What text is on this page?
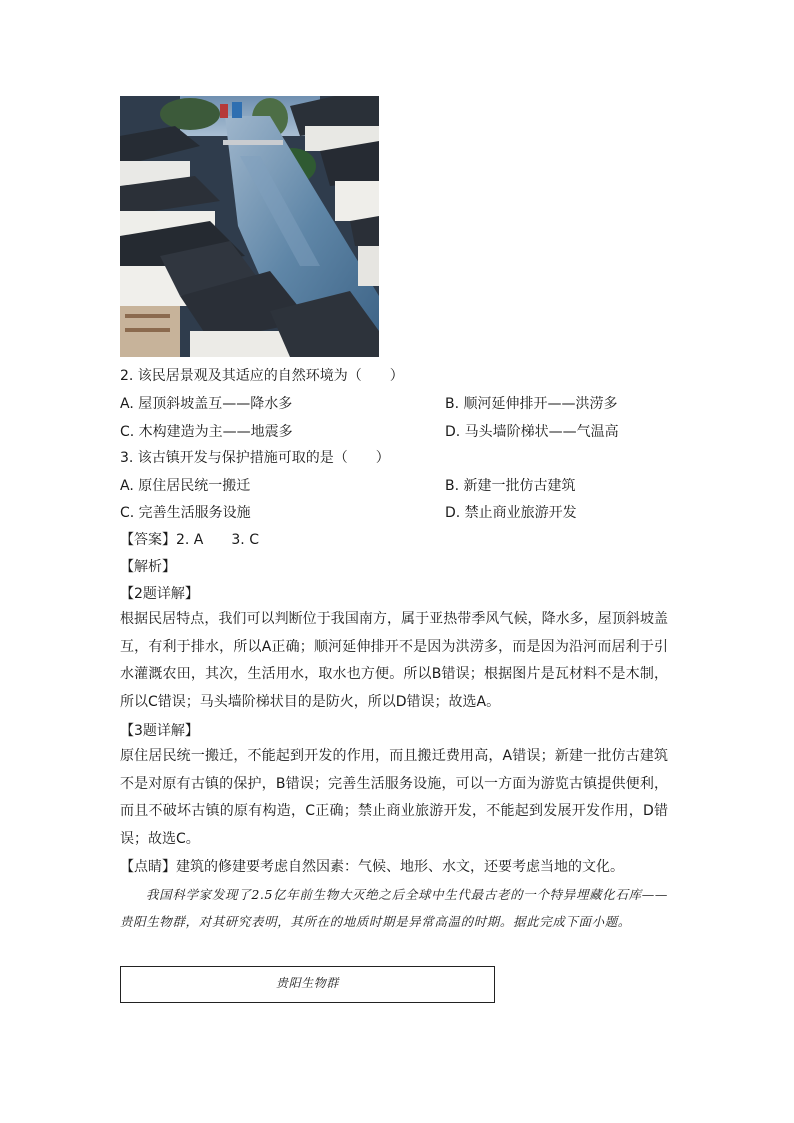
2. 该民居景观及其适应的自然环境为（　　）
A. 屋顶斜坡盖互——降水多	B. 顺河延伸排开——洪涝多
C. 木构建造为主——地震多	D. 马头墙阶梯状——气温高
3. 该古镇开发与保护措施可取的是（　　）
A. 原住居民统一搬迁	B. 新建一批仿古建筑
C. 完善生活服务设施	D. 禁止商业旅游开发
【答案】2. A　　3. C
【解析】
【2题详解】
根据民居特点，我们可以判断位于我国南方，属于亚热带季风气候，降水多，屋顶斜坡盖互，有利于排水，所以A正确；顺河延伸排开不是因为洪涝多，而是因为沿河而居利于引水灌溉农田，其次，生活用水，取水也方便。所以B错误；根据图片是瓦材料不是木制，所以C错误；马头墙阶梯状目的是防火，所以D错误；故选A。
【3题详解】
原住居民统一搬迁，不能起到开发的作用，而且搬迁费用高，A错误；新建一批仿古建筑不是对原有古镇的保护，B错误；完善生活服务设施，可以一方面为游览古镇提供便利，而且不破坏古镇的原有构造，C正确；禁止商业旅游开发，不能起到发展开发作用，D错误；故选C。
【点睛】建筑的修建要考虑自然因素：气候、地形、水文，还要考虑当地的文化。
我国科学家发现了2.5亿年前生物大灭绝之后全球中生代最古老的一个特异埋藏化石库——贵阳生物群，对其研究表明，其所在的地质时期是异常高温的时期。据此完成下面小题。
贵阳生物群
